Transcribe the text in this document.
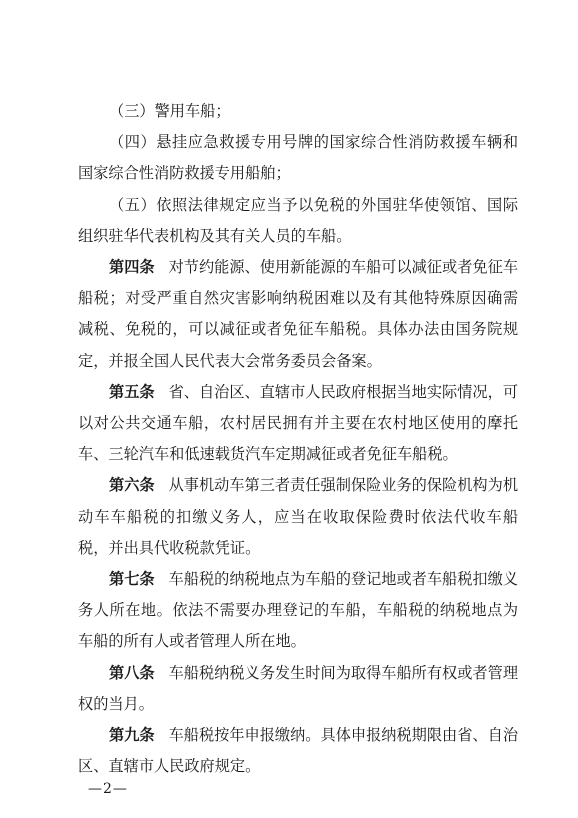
（三）警用车船；

（四）悬挂应急救援专用号牌的国家综合性消防救援车辆和国家综合性消防救援专用船舶；

（五）依照法律规定应当予以免税的外国驻华使领馆、国际组织驻华代表机构及其有关人员的车船。

第四条 对节约能源、使用新能源的车船可以减征或者免征车船税；对受严重自然灾害影响纳税困难以及有其他特殊原因确需减税、免税的，可以减征或者免征车船税。具体办法由国务院规定，并报全国人民代表大会常务委员会备案。

第五条 省、自治区、直辖市人民政府根据当地实际情况，可以对公共交通车船，农村居民拥有并主要在农村地区使用的摩托车、三轮汽车和低速载货汽车定期减征或者免征车船税。

第六条 从事机动车第三者责任强制保险业务的保险机构为机动车车船税的扣缴义务人，应当在收取保险费时依法代收车船税，并出具代收税款凭证。

第七条 车船税的纳税地点为车船的登记地或者车船税扣缴义务人所在地。依法不需要办理登记的车船，车船税的纳税地点为车船的所有人或者管理人所在地。

第八条 车船税纳税义务发生时间为取得车船所有权或者管理权的当月。

第九条 车船税按年申报缴纳。具体申报纳税期限由省、自治区、直辖市人民政府规定。

—2—
